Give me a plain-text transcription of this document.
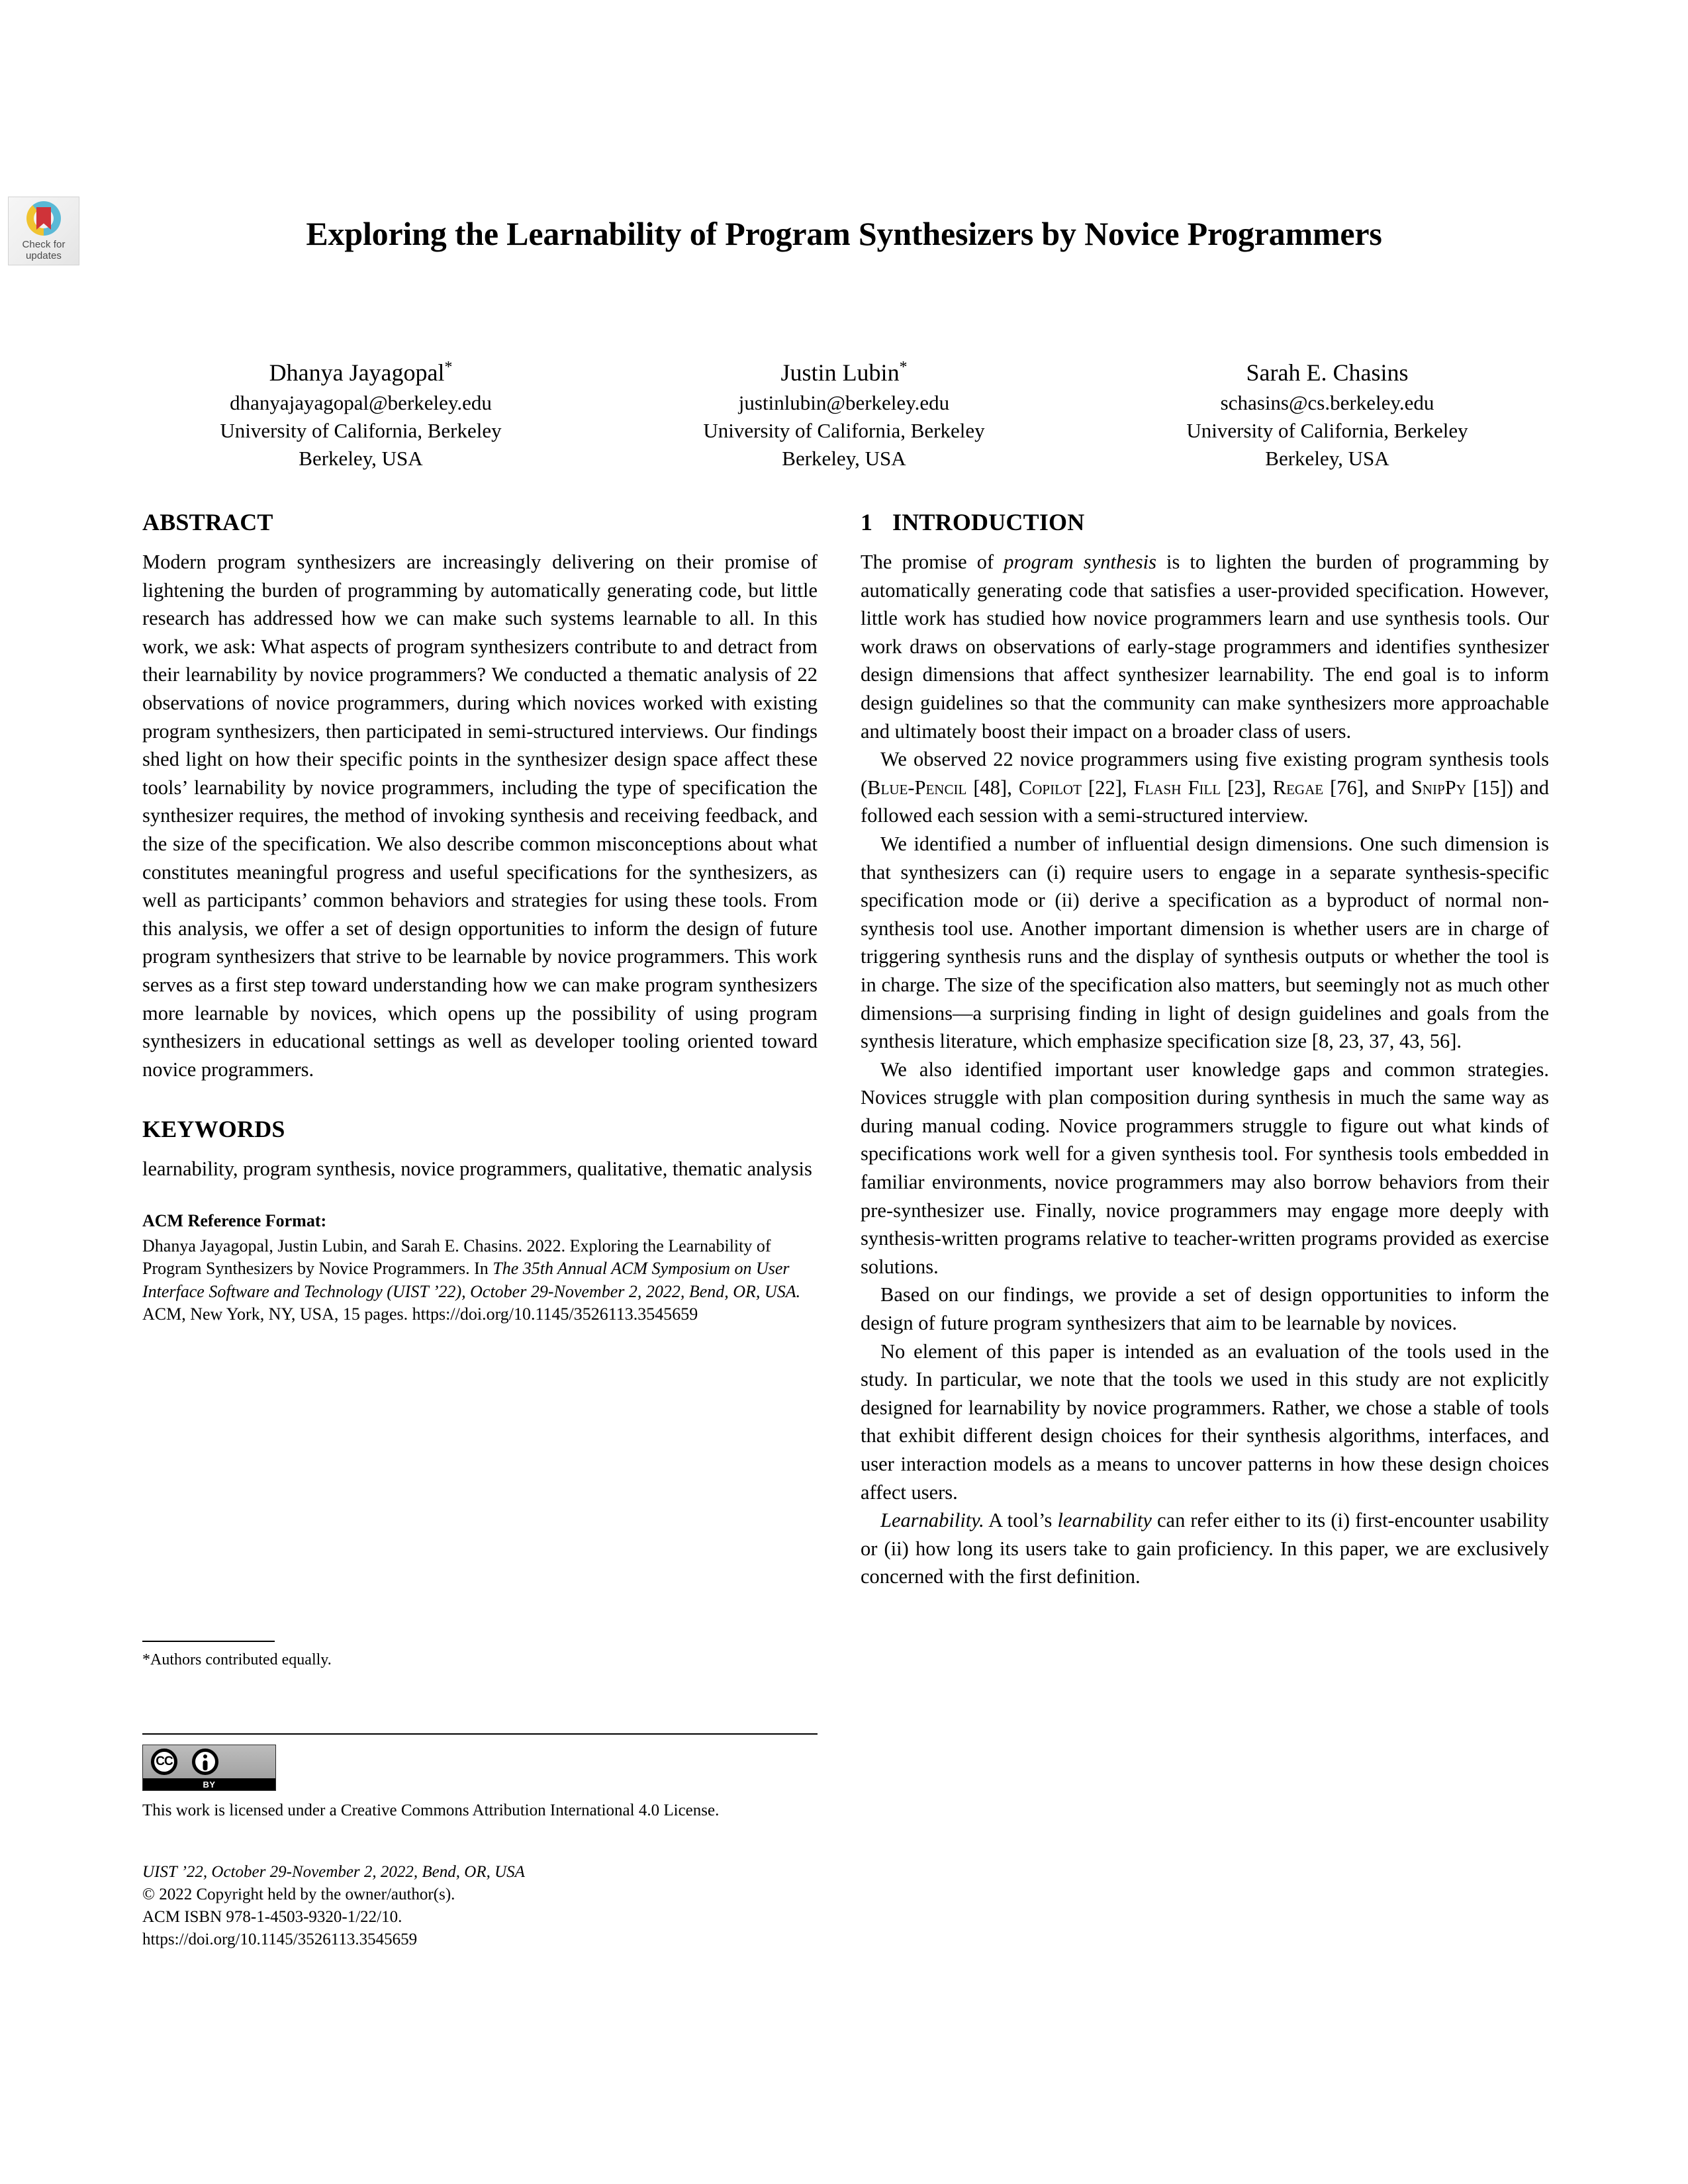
Check for
updates
Exploring the Learnability of Program Synthesizers by Novice Programmers
Dhanya Jayagopal*
dhanyajayagopal@berkeley.edu
University of California, Berkeley
Berkeley, USA
Justin Lubin*
justinlubin@berkeley.edu
University of California, Berkeley
Berkeley, USA
Sarah E. Chasins
schasins@cs.berkeley.edu
University of California, Berkeley
Berkeley, USA
ABSTRACT

Modern program synthesizers are increasingly delivering on their promise of lightening the burden of programming by automatically generating code, but little research has addressed how we can make such systems learnable to all. In this work, we ask: What aspects of program synthesizers contribute to and detract from their learnability by novice programmers? We conducted a thematic analysis of 22 observations of novice programmers, during which novices worked with existing program synthesizers, then participated in semi-structured interviews. Our findings shed light on how their specific points in the synthesizer design space affect these tools’ learnability by novice programmers, including the type of specification the synthesizer requires, the method of invoking synthesis and receiving feedback, and the size of the specification. We also describe common misconceptions about what constitutes meaningful progress and useful specifications for the synthesizers, as well as participants’ common behaviors and strategies for using these tools. From this analysis, we offer a set of design opportunities to inform the design of future program synthesizers that strive to be learnable by novice programmers. This work serves as a first step toward understanding how we can make program synthesizers more learnable by novices, which opens up the possibility of using program synthesizers in educational settings as well as developer tooling oriented toward novice programmers.

KEYWORDS

learnability, program synthesis, novice programmers, qualitative, thematic analysis

ACM Reference Format:

Dhanya Jayagopal, Justin Lubin, and Sarah E. Chasins. 2022. Exploring the Learnability of Program Synthesizers by Novice Programmers. In The 35th Annual ACM Symposium on User Interface Software and Technology (UIST ’22), October 29-November 2, 2022, Bend, OR, USA. ACM, New York, NY, USA, 15 pages. https://doi.org/10.1145/3526113.3545659

*Authors contributed equally.
CC
BY
This work is licensed under a Creative Commons Attribution International 4.0 License.
UIST ’22, October 29-November 2, 2022, Bend, OR, USA
© 2022 Copyright held by the owner/author(s).
ACM ISBN 978-1-4503-9320-1/22/10.
https://doi.org/10.1145/3526113.3545659
1 INTRODUCTION

The promise of program synthesis is to lighten the burden of programming by automatically generating code that satisfies a user-provided specification. However, little work has studied how novice programmers learn and use synthesis tools. Our work draws on observations of early-stage programmers and identifies synthesizer design dimensions that affect synthesizer learnability. The end goal is to inform design guidelines so that the community can make synthesizers more approachable and ultimately boost their impact on a broader class of users.

We observed 22 novice programmers using five existing program synthesis tools (Blue-Pencil [48], Copilot [22], Flash Fill [23], Regae [76], and SnipPy [15]) and followed each session with a semi-structured interview.

We identified a number of influential design dimensions. One such dimension is that synthesizers can (i) require users to engage in a separate synthesis-specific specification mode or (ii) derive a specification as a byproduct of normal non-synthesis tool use. Another important dimension is whether users are in charge of triggering synthesis runs and the display of synthesis outputs or whether the tool is in charge. The size of the specification also matters, but seemingly not as much other dimensions—a surprising finding in light of design guidelines and goals from the synthesis literature, which emphasize specification size [8, 23, 37, 43, 56].

We also identified important user knowledge gaps and common strategies. Novices struggle with plan composition during synthesis in much the same way as during manual coding. Novice programmers struggle to figure out what kinds of specifications work well for a given synthesis tool. For synthesis tools embedded in familiar environments, novice programmers may also borrow behaviors from their pre-synthesizer use. Finally, novice programmers may engage more deeply with synthesis-written programs relative to teacher-written programs provided as exercise solutions.

Based on our findings, we provide a set of design opportunities to inform the design of future program synthesizers that aim to be learnable by novices.

No element of this paper is intended as an evaluation of the tools used in the study. In particular, we note that the tools we used in this study are not explicitly designed for learnability by novice programmers. Rather, we chose a stable of tools that exhibit different design choices for their synthesis algorithms, interfaces, and user interaction models as a means to uncover patterns in how these design choices affect users.

Learnability. A tool’s learnability can refer either to its (i) first-encounter usability or (ii) how long its users take to gain proficiency. In this paper, we are exclusively concerned with the first definition.
